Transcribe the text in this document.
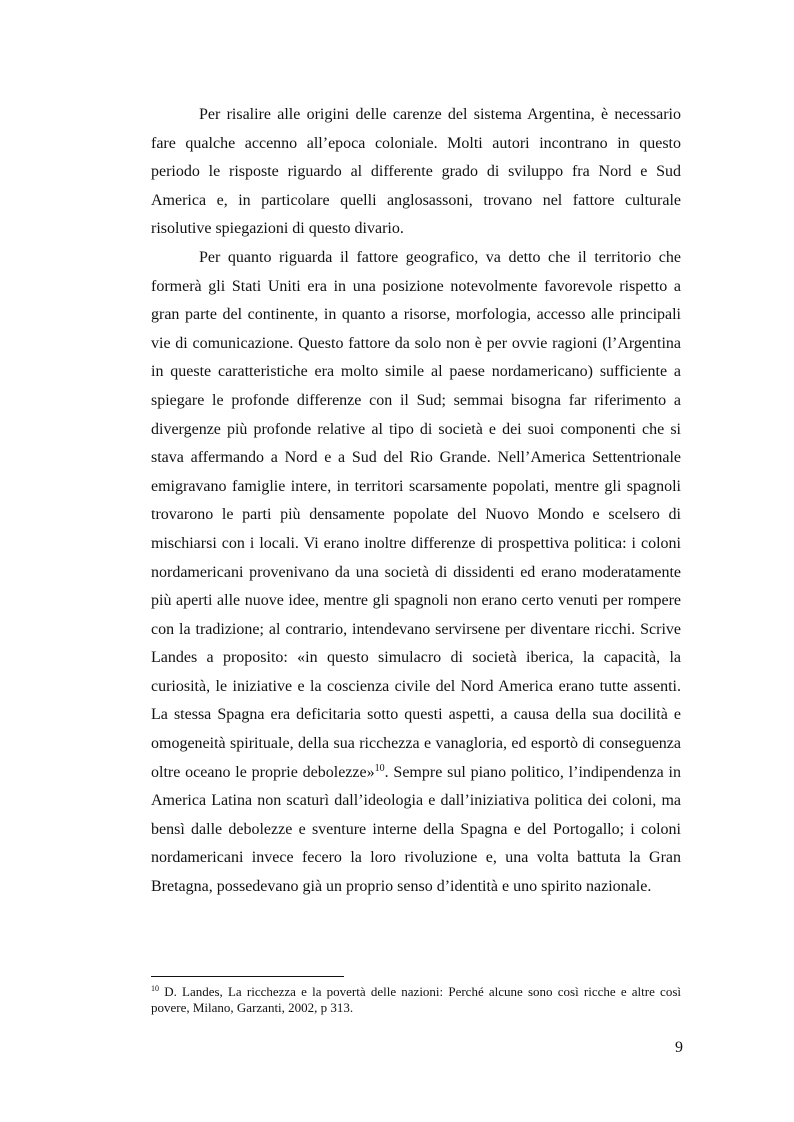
Per risalire alle origini delle carenze del sistema Argentina, è necessario fare qualche accenno all’epoca coloniale. Molti autori incontrano in questo periodo le risposte riguardo al differente grado di sviluppo fra Nord e Sud America e, in particolare quelli anglosassoni, trovano nel fattore culturale risolutive spiegazioni di questo divario.

Per quanto riguarda il fattore geografico, va detto che il territorio che formerà gli Stati Uniti era in una posizione notevolmente favorevole rispetto a gran parte del continente, in quanto a risorse, morfologia, accesso alle principali vie di comunicazione. Questo fattore da solo non è per ovvie ragioni (l’Argentina in queste caratteristiche era molto simile al paese nordamericano) sufficiente a spiegare le profonde differenze con il Sud; semmai bisogna far riferimento a divergenze più profonde relative al tipo di società e dei suoi componenti che si stava affermando a Nord e a Sud del Rio Grande. Nell’America Settentrionale emigravano famiglie intere, in territori scarsamente popolati, mentre gli spagnoli trovarono le parti più densamente popolate del Nuovo Mondo e scelsero di mischiarsi con i locali. Vi erano inoltre differenze di prospettiva politica: i coloni nordamericani provenivano da una società di dissidenti ed erano moderatamente più aperti alle nuove idee, mentre gli spagnoli non erano certo venuti per rompere con la tradizione; al contrario, intendevano servirsene per diventare ricchi. Scrive Landes a proposito: «in questo simulacro di società iberica, la capacità, la curiosità, le iniziative e la coscienza civile del Nord America erano tutte assenti. La stessa Spagna era deficitaria sotto questi aspetti, a causa della sua docilità e omogeneità spirituale, della sua ricchezza e vanagloria, ed esportò di conseguenza oltre oceano le proprie debolezze»$^{10}$. Sempre sul piano politico, l’indipendenza in America Latina non scaturì dall’ideologia e dall’iniziativa politica dei coloni, ma bensì dalle debolezze e sventure interne della Spagna e del Portogallo; i coloni nordamericani invece fecero la loro rivoluzione e, una volta battuta la Gran Bretagna, possedevano già un proprio senso d’identità e uno spirito nazionale.

$^{10}$ D. Landes, La ricchezza e la povertà delle nazioni: Perché alcune sono così ricche e altre così povere, Milano, Garzanti, 2002, p 313.

9
